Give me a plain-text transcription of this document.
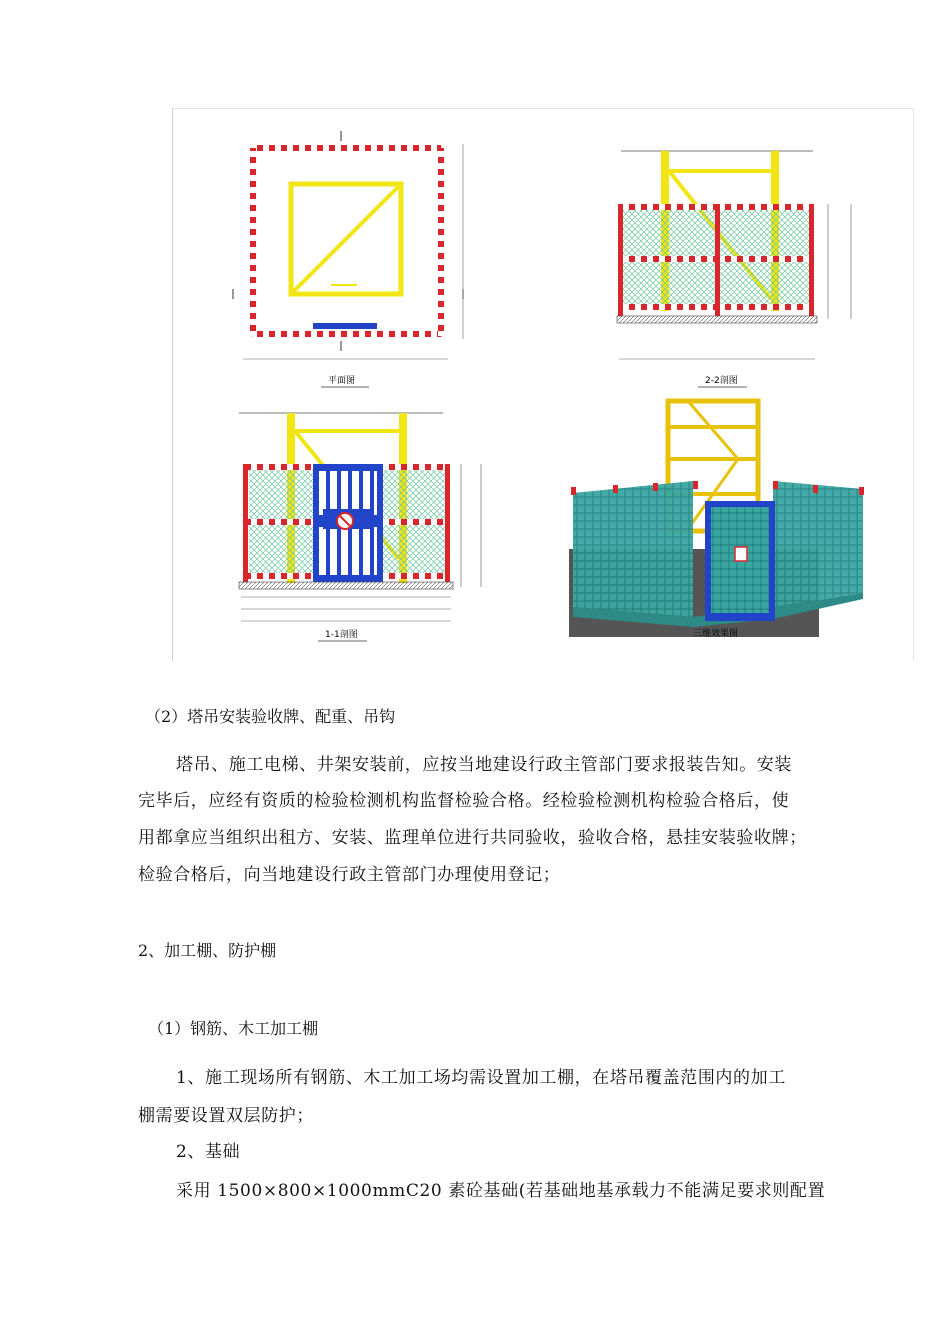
平面图	2-2剖图
1-1剖图	三维效果图
（2）塔吊安装验收牌、配重、吊钩
塔吊、施工电梯、井架安装前，应按当地建设行政主管部门要求报装告知。安装
完毕后，应经有资质的检验检测机构监督检验合格。经检验检测机构检验合格后，使
用都拿应当组织出租方、安装、监理单位进行共同验收，验收合格，悬挂安装验收牌；
检验合格后，向当地建设行政主管部门办理使用登记；
2、加工棚、防护棚
（1）钢筋、木工加工棚
1、施工现场所有钢筋、木工加工场均需设置加工棚，在塔吊覆盖范围内的加工
棚需要设置双层防护；
2、基础
采用 1500×800×1000mmC20 素砼基础(若基础地基承载力不能满足要求则配置
